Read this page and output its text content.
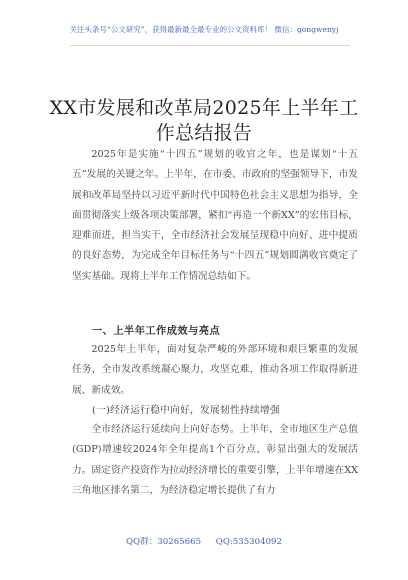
关注头条号“公文研究”，获得最新最全最专业的公文资料库！ 微信：gongwenyj
XX市发展和改革局2025年上半年工作总结报告

2025年是实施“十四五”规划的收官之年，也是谋划“十五五”发展的关键之年。上半年，在市委、市政府的坚强领导下，市发展和改革局坚持以习近平新时代中国特色社会主义思想为指导，全面贯彻落实上级各项决策部署，紧扣“再造一个新XX”的宏伟目标，迎难而进，担当实干，全市经济社会发展呈现稳中向好、进中提质的良好态势，为完成全年目标任务与“十四五”规划圆满收官奠定了坚实基础。现将上半年工作情况总结如下。

一、上半年工作成效与亮点

2025年上半年，面对复杂严峻的外部环境和艰巨繁重的发展任务，全市发改系统凝心聚力，攻坚克难，推动各项工作取得新进展、新成效。

(一)经济运行稳中向好，发展韧性持续增强

全市经济运行延续向上向好态势。上半年，全市地区生产总值(GDP)增速较2024年全年提高1个百分点，彰显出强大的发展活力。固定资产投资作为拉动经济增长的重要引擎，上半年增速在XX三角地区排名第二，为经济稳定增长提供了有力

QQ群：30265665 QQ:535304092
